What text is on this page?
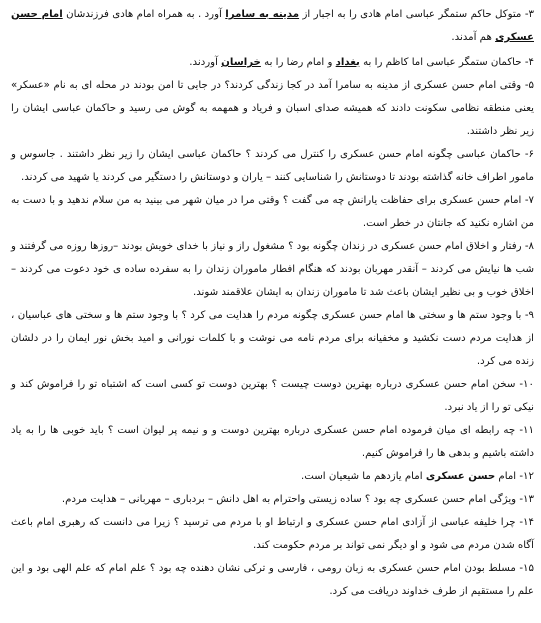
۳- متوکل حاکم ستمگر عباسی امام هادی را به اجبار از مدینه به سامرا آورد . به همراه امام هادی فرزندشان امام حسن عسکری هم آمدند.
۴- حاکمان ستمگر عباسی اما کاظم را به بغداد و امام رضا را به خراسان آوردند.
۵- وقتی امام حسن عسکری از مدینه به سامرا آمد در کجا زندگی کردند؟ در جایی تا امن بودند در محله ای به نام «عسکر» یعنی منطقه نظامی سکونت دادند که همیشه صدای اسبان و فریاد و همهمه به گوش می رسید و حاکمان عباسی ایشان را زیر نظر داشتند.
۶- حاکمان عباسی چگونه امام حسن عسکری را کنترل می کردند ؟ حاکمان عباسی ایشان را زیر نظر داشتند . جاسوس و مامور اطراف خانه گذاشته بودند تا دوستانش را شناسایی کنند – یاران و دوستانش را دستگیر می کردند یا شهید می کردند.
۷- امام حسن عسکری برای حفاظت یارانش چه می گفت ؟ وقتی مرا در میان شهر می بینید به من سلام ندهید و با دست به من اشاره نکنید که جانتان در خطر است.
۸- رفتار و اخلاق امام حسن عسکری در زندان چگونه بود ؟ مشغول راز و نیاز با خدای خویش بودند –روزها روزه می گرفتند و شب ها نیایش می کردند – آنقدر مهربان بودند که هنگام افطار ماموران زندان را به سفرده ساده ی خود دعوت می کردند –اخلاق خوب و بی نظیر ایشان باعث شد تا ماموران زندان به ایشان علاقمند شوند.
۹- با وجود ستم ها و سختی ها امام حسن عسکری چگونه مردم را هدایت می کرد ؟ با وجود ستم ها و سختی های عباسیان ، از هدایت مردم دست نکشید و مخفیانه برای مردم نامه می نوشت و با کلمات نورانی و امید بخش نور ایمان را در دلشان زنده می کرد.
۱۰- سخن امام حسن عسکری درباره بهترین دوست چیست ؟ بهترین دوست تو کسی است که اشتباه تو را فراموش کند و نیکی تو را از یاد نبرد.
۱۱- چه رابطه ای میان فرموده امام حسن عسکری درباره بهترین دوست و و نیمه پر لیوان است ؟ باید خوبی ها را به یاد داشته باشیم و بدهی ها را فراموش کنیم.
۱۲- امام حسن عسکری امام یازدهم ما شیعیان است.
۱۳- ویژگی امام حسن عسکری چه بود ؟ ساده زیستی واحترام به اهل دانش – بردباری – مهربانی – هدایت مردم.
۱۴- چرا خلیفه عباسی از آزادی امام حسن عسکری و ارتباط او با مردم می ترسید ؟ زیرا می دانست که رهبری امام باعث آگاه شدن مردم می شود و او دیگر نمی تواند بر مردم حکومت کند.
۱۵- مسلط بودن امام حسن عسکری به زبان رومی ، فارسی و ترکی نشان دهنده چه بود ؟ علم امام که علم الهی بود و این علم را مستقیم از طرف خداوند دریافت می کرد.
